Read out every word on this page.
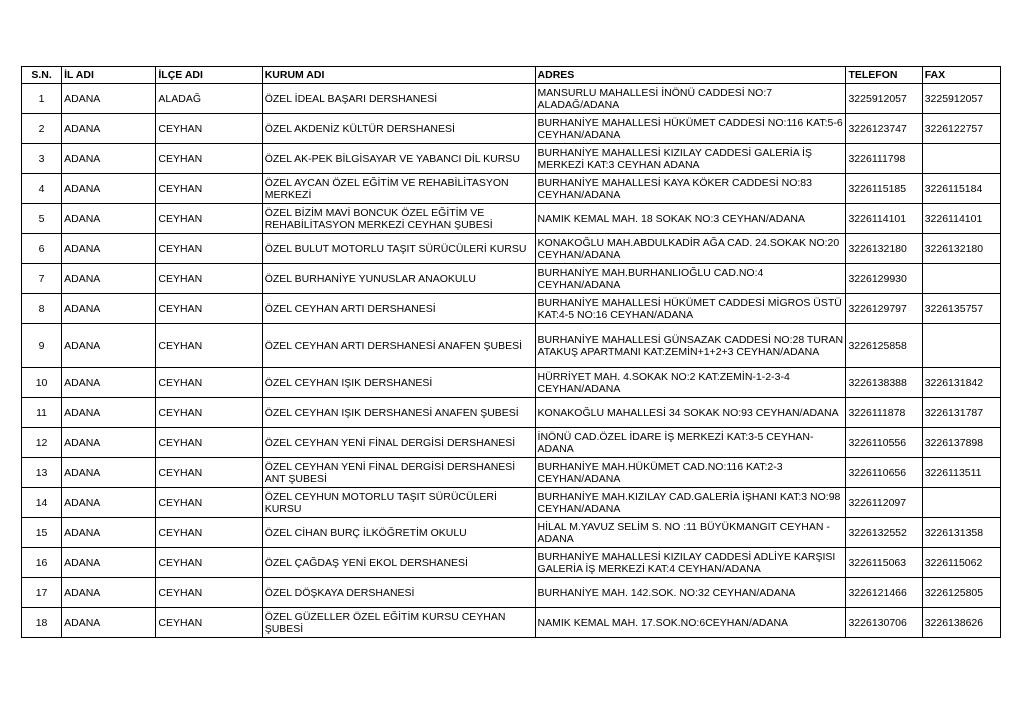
S.N.	İL ADI	İLÇE ADI	KURUM ADI	ADRES	TELEFON	FAX
1	ADANA	ALADAĞ	ÖZEL İDEAL BAŞARI DERSHANESİ	MANSURLU MAHALLESİ İNÖNÜ CADDESİ NO:7 ALADAĞ/ADANA	3225912057	3225912057
2	ADANA	CEYHAN	ÖZEL AKDENİZ KÜLTÜR DERSHANESİ	BURHANİYE MAHALLESİ HÜKÜMET CADDESİ NO:116 KAT:5-6 CEYHAN/ADANA	3226123747	3226122757
3	ADANA	CEYHAN	ÖZEL AK-PEK BİLGİSAYAR VE YABANCI DİL KURSU	BURHANİYE MAHALLESİ KIZILAY CADDESİ GALERİA İŞ MERKEZİ KAT:3 CEYHAN ADANA	3226111798	
4	ADANA	CEYHAN	ÖZEL AYCAN ÖZEL EĞİTİM VE REHABİLİTASYON MERKEZİ	BURHANİYE MAHALLESİ KAYA KÖKER CADDESİ NO:83 CEYHAN/ADANA	3226115185	3226115184
5	ADANA	CEYHAN	ÖZEL BİZİM MAVİ BONCUK ÖZEL EĞİTİM VE REHABİLİTASYON MERKEZİ CEYHAN ŞUBESİ	NAMIK KEMAL MAH. 18 SOKAK NO:3 CEYHAN/ADANA	3226114101	3226114101
6	ADANA	CEYHAN	ÖZEL BULUT MOTORLU TAŞIT SÜRÜCÜLERİ KURSU	KONAKOĞLU MAH.ABDULKADİR AĞA CAD. 24.SOKAK NO:20 CEYHAN/ADANA	3226132180	3226132180
7	ADANA	CEYHAN	ÖZEL BURHANİYE YUNUSLAR ANAOKULU	BURHANİYE MAH.BURHANLIOĞLU CAD.NO:4 CEYHAN/ADANA	3226129930	
8	ADANA	CEYHAN	ÖZEL CEYHAN ARTI DERSHANESİ	BURHANİYE MAHALLESİ HÜKÜMET CADDESİ MİGROS ÜSTÜ KAT:4-5 NO:16 CEYHAN/ADANA	3226129797	3226135757
9	ADANA	CEYHAN	ÖZEL CEYHAN ARTI DERSHANESİ ANAFEN ŞUBESİ	BURHANİYE MAHALLESİ GÜNSAZAK CADDESİ NO:28 TURAN ATAKUŞ APARTMANI KAT:ZEMİN+1+2+3 CEYHAN/ADANA	3226125858	
10	ADANA	CEYHAN	ÖZEL CEYHAN IŞIK DERSHANESİ	HÜRRİYET MAH. 4.SOKAK NO:2 KAT:ZEMİN-1-2-3-4 CEYHAN/ADANA	3226138388	3226131842
11	ADANA	CEYHAN	ÖZEL CEYHAN IŞIK DERSHANESİ ANAFEN ŞUBESİ	KONAKOĞLU MAHALLESİ 34 SOKAK NO:93 CEYHAN/ADANA	3226111878	3226131787
12	ADANA	CEYHAN	ÖZEL CEYHAN YENİ FİNAL DERGİSİ DERSHANESİ	İNÖNÜ CAD.ÖZEL İDARE İŞ MERKEZİ KAT:3-5 CEYHAN-ADANA	3226110556	3226137898
13	ADANA	CEYHAN	ÖZEL CEYHAN YENİ FİNAL DERGİSİ DERSHANESİ ANT ŞUBESİ	BURHANİYE MAH.HÜKÜMET CAD.NO:116 KAT:2-3 CEYHAN/ADANA	3226110656	3226113511
14	ADANA	CEYHAN	ÖZEL CEYHUN MOTORLU TAŞIT SÜRÜCÜLERİ KURSU	BURHANİYE MAH.KIZILAY CAD.GALERİA İŞHANI KAT:3 NO:98 CEYHAN/ADANA	3226112097	
15	ADANA	CEYHAN	ÖZEL CİHAN BURÇ İLKÖĞRETİM OKULU	HİLAL M.YAVUZ SELİM S. NO :11 BÜYÜKMANGIT CEYHAN - ADANA	3226132552	3226131358
16	ADANA	CEYHAN	ÖZEL ÇAĞDAŞ YENİ EKOL DERSHANESİ	BURHANİYE MAHALLESİ KIZILAY CADDESİ ADLİYE KARŞISI GALERİA İŞ MERKEZİ KAT:4 CEYHAN/ADANA	3226115063	3226115062
17	ADANA	CEYHAN	ÖZEL DÖŞKAYA DERSHANESİ	BURHANİYE MAH. 142.SOK. NO:32 CEYHAN/ADANA	3226121466	3226125805
18	ADANA	CEYHAN	ÖZEL GÜZELLER ÖZEL EĞİTİM KURSU CEYHAN ŞUBESİ	NAMIK KEMAL MAH. 17.SOK.NO:6CEYHAN/ADANA	3226130706	3226138626
